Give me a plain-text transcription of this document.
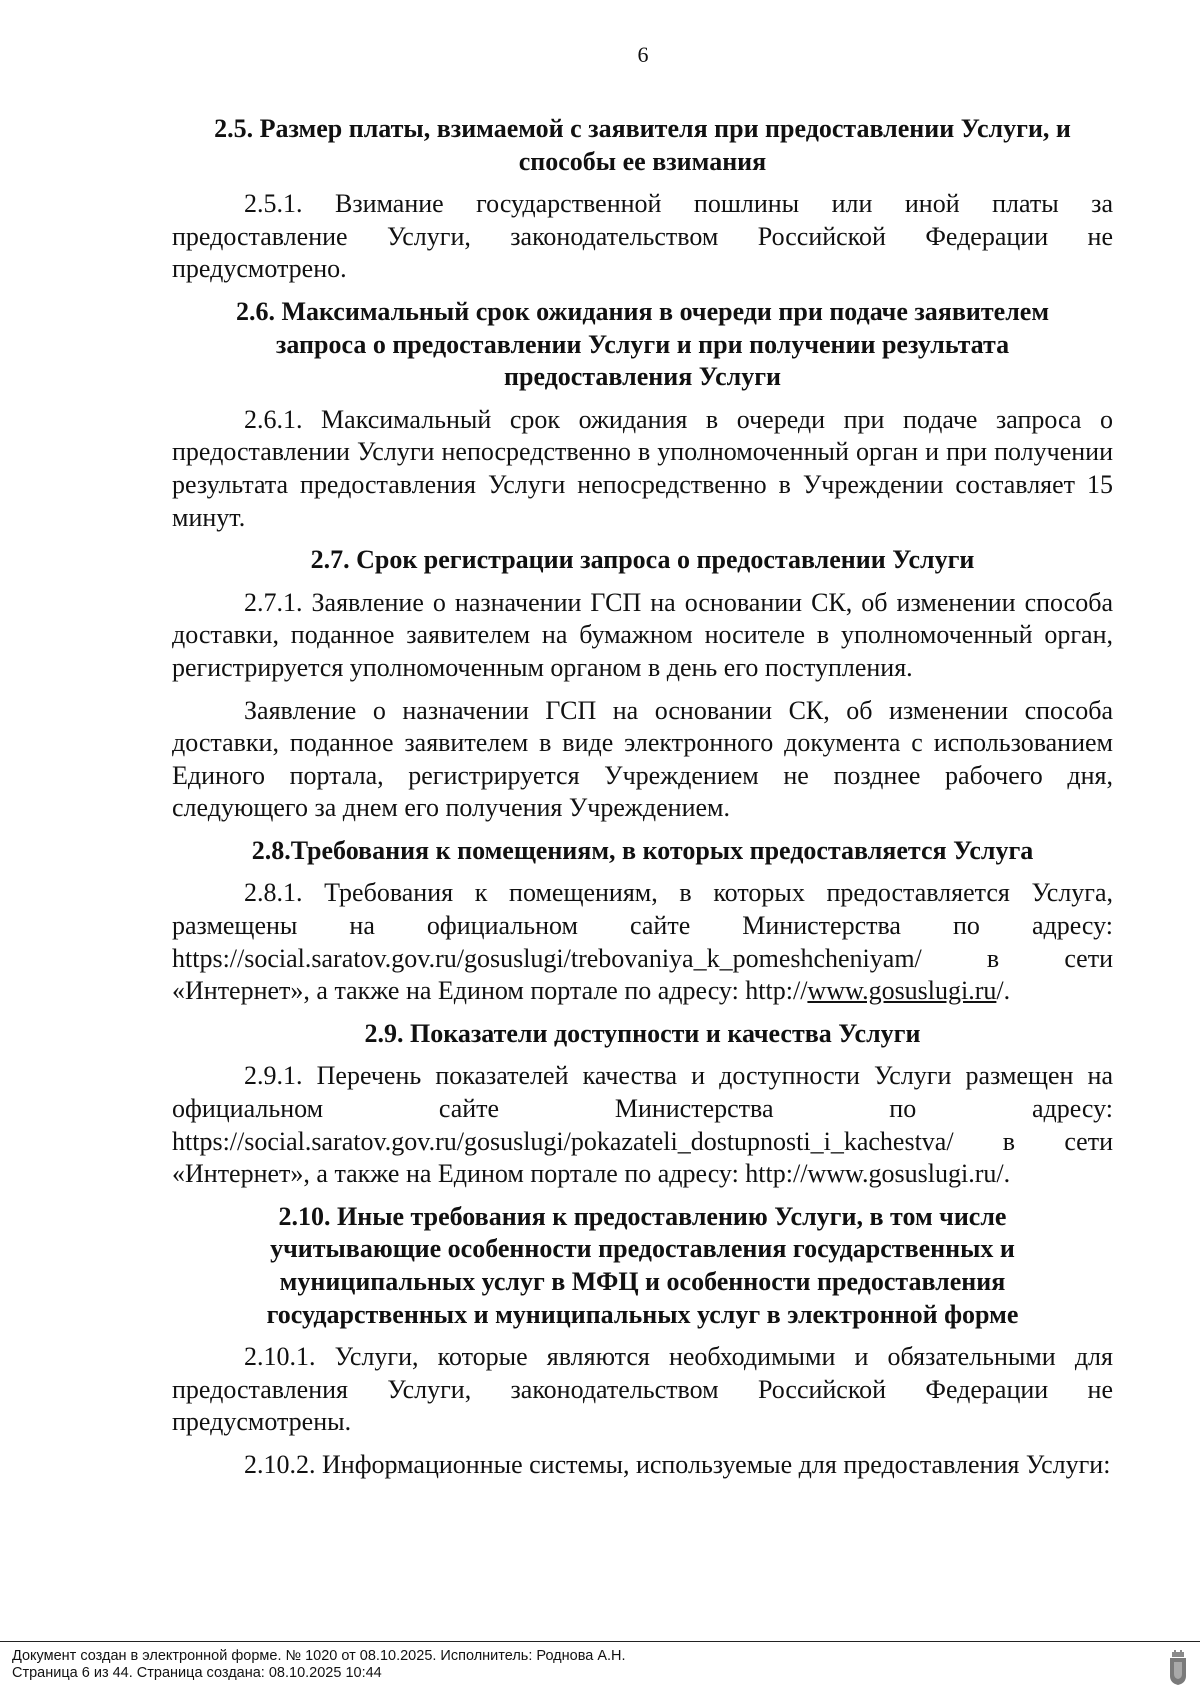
6
2.5. Размер платы, взимаемой с заявителя при предоставлении Услуги, и
способы ее взимания
2.5.1. Взимание государственной пошлины или иной платы за предоставление Услуги, законодательством Российской Федерации не предусмотрено.
2.6. Максимальный срок ожидания в очереди при подаче заявителем
запроса о предоставлении Услуги и при получении результата
предоставления Услуги
2.6.1. Максимальный срок ожидания в очереди при подаче запроса о предоставлении Услуги непосредственно в уполномоченный орган и при получении результата предоставления Услуги непосредственно в Учреждении составляет 15 минут.
2.7. Срок регистрации запроса о предоставлении Услуги
2.7.1. Заявление о назначении ГСП на основании СК, об изменении способа доставки, поданное заявителем на бумажном носителе в уполномоченный орган, регистрируется уполномоченным органом в день его поступления.
Заявление о назначении ГСП на основании СК, об изменении способа доставки, поданное заявителем в виде электронного документа с использованием Единого портала, регистрируется Учреждением не позднее рабочего дня, следующего за днем его получения Учреждением.
2.8.Требования к помещениям, в которых предоставляется Услуга
2.8.1. Требования к помещениям, в которых предоставляется Услуга, размещены на официальном сайте Министерства по адресу: https://social.saratov.gov.ru/gosuslugi/trebovaniya_k_pomeshcheniyam/ в сети «Интернет», а также на Едином портале по адресу: http://www.gosuslugi.ru/.
2.9. Показатели доступности и качества Услуги
2.9.1. Перечень показателей качества и доступности Услуги размещен на официальном сайте Министерства по адресу: https://social.saratov.gov.ru/gosuslugi/pokazateli_dostupnosti_i_kachestva/ в сети «Интернет», а также на Едином портале по адресу: http://www.gosuslugi.ru/.
2.10. Иные требования к предоставлению Услуги, в том числе
учитывающие особенности предоставления государственных и
муниципальных услуг в МФЦ и особенности предоставления
государственных и муниципальных услуг в электронной форме
2.10.1. Услуги, которые являются необходимыми и обязательными для предоставления Услуги, законодательством Российской Федерации не предусмотрены.
2.10.2. Информационные системы, используемые для предоставления Услуги:
Документ создан в электронной форме. № 1020 от 08.10.2025. Исполнитель: Роднова А.Н.
Страница 6 из 44. Страница создана: 08.10.2025 10:44
